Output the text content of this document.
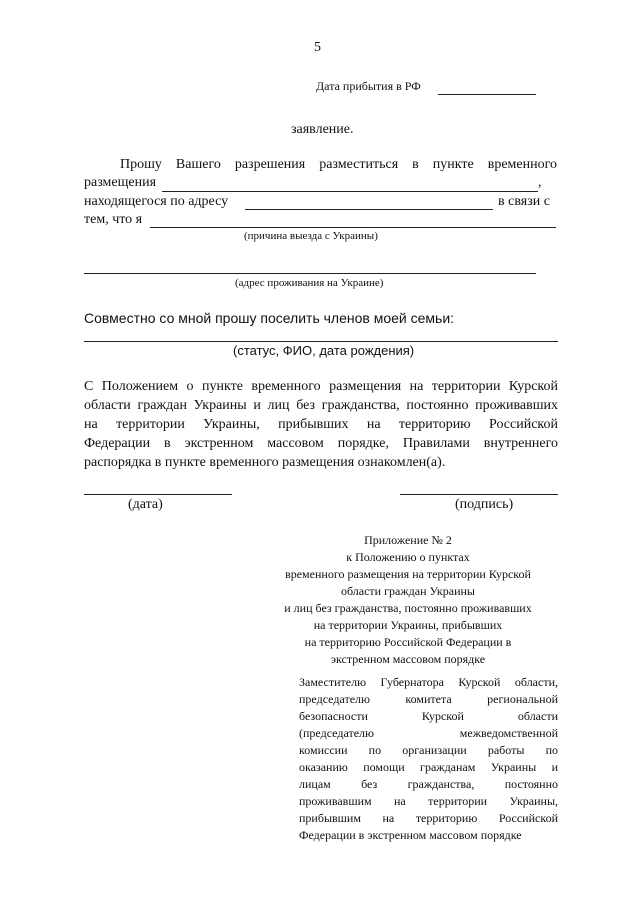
5
Дата прибытия в РФ
заявление.
Прошу Вашего разрешения разместиться в пункте временного
размещения	,
находящегося по адресу	в связи с
тем, что я
(причина выезда с Украины)
(адрес проживания на Украине)
Совместно со мной прошу поселить членов моей семьи:
(статус, ФИО, дата рождения)
С Положением о пункте временного размещения на территории Курской
области граждан Украины и лиц без гражданства, постоянно проживавших
на территории Украины, прибывших на территорию Российской
Федерации в экстренном массовом порядке, Правилами внутреннего
распорядка в пункте временного размещения ознакомлен(а).
(дата)	(подпись)
Приложение № 2
к Положению о пунктах
временного размещения на территории Курской
области граждан Украины
и лиц без гражданства, постоянно проживавших
на территории Украины, прибывших
на территорию Российской Федерации в
экстренном массовом порядке
Заместителю Губернатора Курской области,
председателю комитета региональной
безопасности Курской области
(председателю межведомственной
комиссии по организации работы по
оказанию помощи гражданам Украины и
лицам без гражданства, постоянно
проживавшим на территории Украины,
прибывшим на территорию Российской
Федерации в экстренном массовом порядке
